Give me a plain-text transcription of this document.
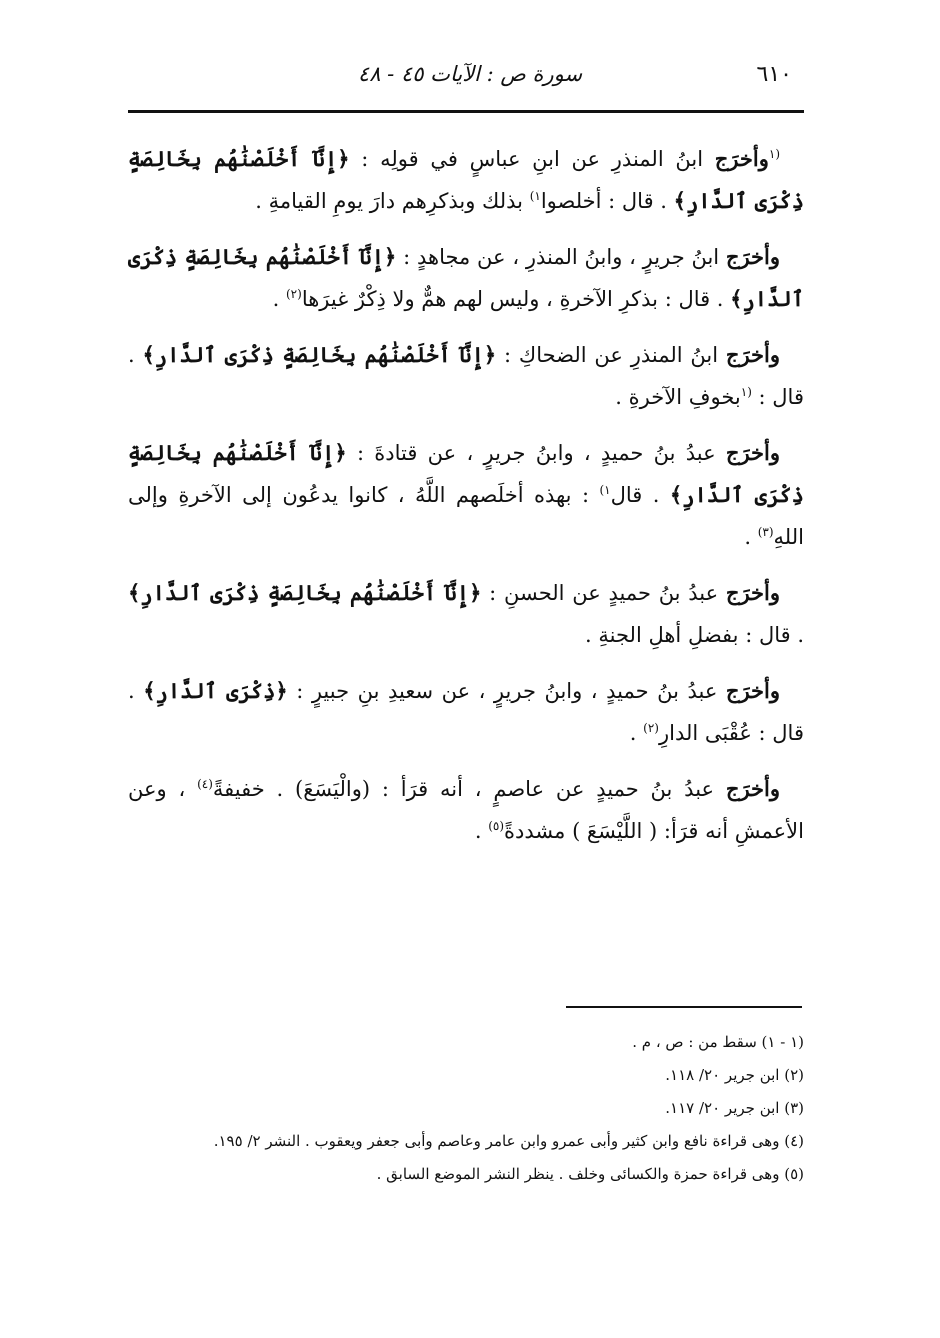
٦١٠
سورة ص : الآيات ٤٥ - ٤٨

$^{(١}$وأخرَج ابنُ المنذرِ عن ابنِ عباسٍ في قولِه : ﴿إِنَّآ أَخْلَصْنَٰهُم بِخَالِصَةٍ ذِكْرَى ٱلدَّارِ﴾ . قال : أخلصوا$^{١)}$ بذلك وبذكرِهم دارَ يومِ القيامةِ .

وأخرَج ابنُ جريرٍ ، وابنُ المنذرِ ، عن مجاهدٍ : ﴿إِنَّآ أَخْلَصْنَٰهُم بِخَالِصَةٍ ذِكْرَى ٱلدَّارِ﴾ . قال : بذكرِ الآخرةِ ، وليس لهم همٌّ ولا ذِكْرٌ غيرَها$^{(٢)}$ .

وأخرَج ابنُ المنذرِ عن الضحاكِ : ﴿إِنَّآ أَخْلَصْنَٰهُم بِخَالِصَةٍ ذِكْرَى ٱلدَّارِ﴾ . قال : $^{(١}$بخوفِ الآخرةِ .

وأخرَج عبدُ بنُ حميدٍ ، وابنُ جريرٍ ، عن قتادةَ : ﴿إِنَّآ أَخْلَصْنَٰهُم بِخَالِصَةٍ ذِكْرَى ٱلدَّارِ﴾ . قال$^{١)}$ : بهذه أخلَصهم اللَّهُ ، كانوا يدعُون إلى الآخرةِ وإلى اللهِ$^{(٣)}$ .

وأخرَج عبدُ بنُ حميدٍ عن الحسنِ : ﴿إِنَّآ أَخْلَصْنَٰهُم بِخَالِصَةٍ ذِكْرَى ٱلدَّارِ﴾ . قال : بفضلِ أهلِ الجنةِ .

وأخرَج عبدُ بنُ حميدٍ ، وابنُ جريرٍ ، عن سعيدِ بنِ جبيرٍ : ﴿ذِكْرَى ٱلدَّارِ﴾ . قال : عُقْبَى الدارِ$^{(٢)}$ .

وأخرَج عبدُ بنُ حميدٍ عن عاصمٍ ، أنه قرَأ : (والْيَسَعَ) . خفيفةً$^{(٤)}$ ، وعن الأعمشِ أنه قرَأ: ( اللَّيْسَعَ ) مشددةً$^{(٥)}$ .

(١ - ١) سقط من : ص ، م .

(٢) ابن جرير ٢٠/ ١١٨.

(٣) ابن جرير ٢٠/ ١١٧.

(٤) وهى قراءة نافع وابن كثير وأبى عمرو وابن عامر وعاصم وأبى جعفر ويعقوب . النشر ٢/ ١٩٥.

(٥) وهى قراءة حمزة والكسائى وخلف . ينظر النشر الموضع السابق .
